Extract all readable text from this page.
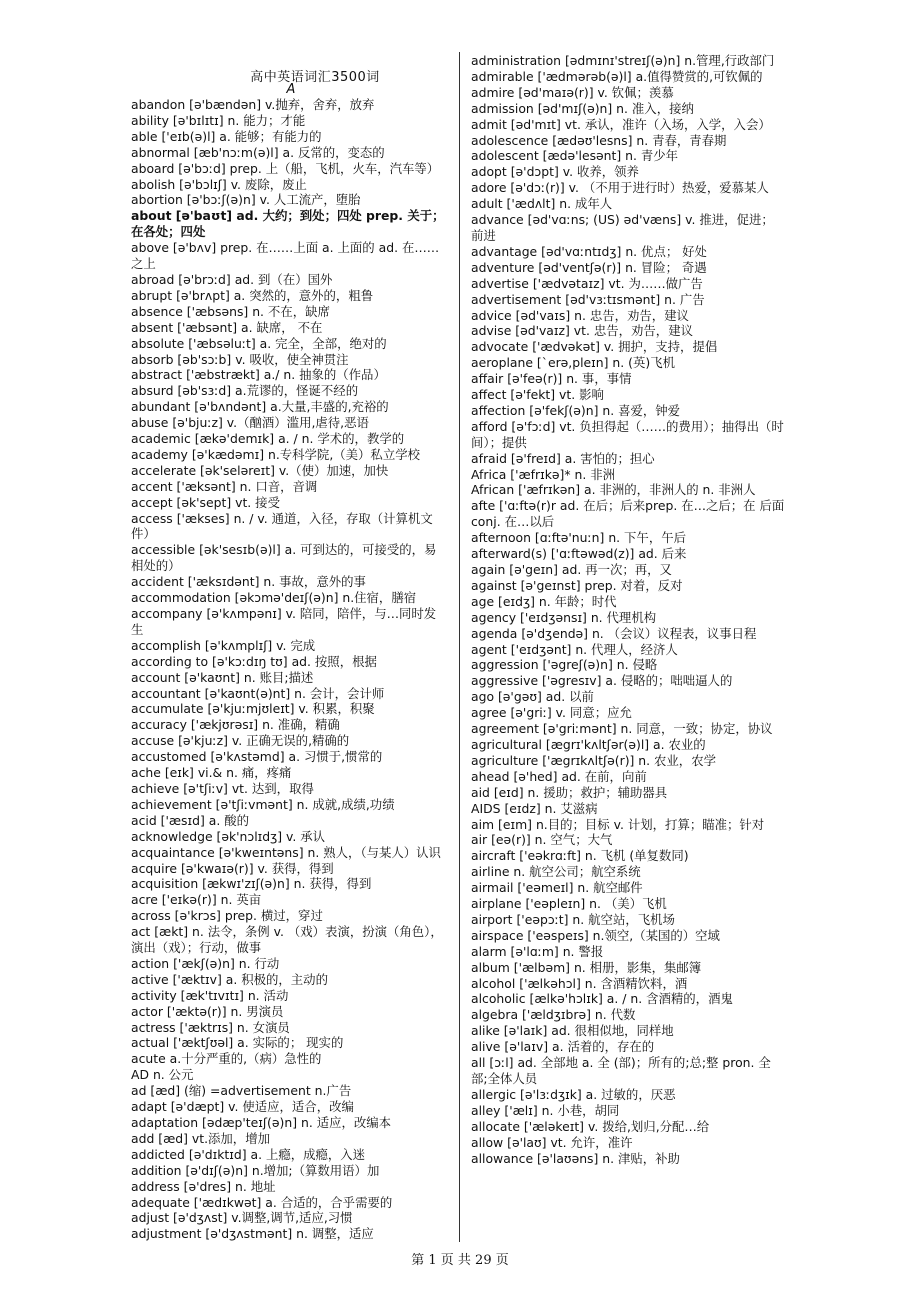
高中英语词汇3500词
A
abandon [ə'bændən] v.抛弃，舍弃，放弃
ability [ə'bɪlɪtɪ] n. 能力；才能
able ['eɪb(ə)l] a. 能够；有能力的
abnormal [æb'nɔːm(ə)l] a. 反常的，变态的
aboard [ə'bɔːd] prep. 上（船，飞机，火车，汽车等）
abolish [ə'bɔlɪʃ] v. 废除，废止
abortion [ə'bɔːʃ(ə)n] v. 人工流产，堕胎
about [ə'baʊt] ad. 大约；到处；四处 prep. 关于；在各处；四处
above [ə'bʌv] prep. 在……上面 a. 上面的 ad. 在……之上
abroad [ə'brɔːd] ad. 到（在）国外
abrupt [ə'brʌpt] a. 突然的，意外的，粗鲁
absence ['æbsəns] n. 不在，缺席
absent ['æbsənt] a. 缺席， 不在
absolute ['æbsəluːt] a. 完全，全部，绝对的
absorb [əb'sɔːb] v. 吸收，使全神贯注
abstract ['æbstrækt] a./ n. 抽象的（作品）
absurd [əb'sɜːd] a.荒谬的，怪诞不经的
abundant [ə'bʌndənt] a.大量,丰盛的,充裕的
abuse [ə'bjuːz] v.（酗酒）滥用,虐待,恶语
academic [ækə'demɪk] a. / n. 学术的，教学的
academy [ə'kædəmɪ] n.专科学院,（美）私立学校
accelerate [ək'seləreɪt] v.（使）加速，加快
accent ['æksənt] n. 口音，音调
accept [ək'sept] vt. 接受
access ['ækses] n. / v. 通道，入径，存取（计算机文件）
accessible [ək'sesɪb(ə)l] a. 可到达的，可接受的，易相处的）
accident ['æksɪdənt] n. 事故，意外的事
accommodation [əkɔmə'deɪʃ(ə)n] n.住宿，膳宿
accompany [ə'kʌmpənɪ] v. 陪同，陪伴，与…同时发生
accomplish [ə'kʌmplɪʃ] v. 完成
according to [ə'kɔːdɪŋ tʊ] ad. 按照，根据
account [ə'kaʊnt] n. 账目;描述
accountant [ə'kaʊnt(ə)nt] n. 会计，会计师
accumulate [ə'kjuːmjʊleɪt] v. 积累，积聚
accuracy ['ækjʊrəsɪ] n. 准确，精确
accuse [ə'kjuːz] v. 正确无误的,精确的
accustomed [ə'kʌstəmd] a. 习惯于,惯常的
ache [eɪk] vi.& n. 痛，疼痛
achieve [ə'tʃiːv] vt. 达到，取得
achievement [ə'tʃiːvmənt] n. 成就,成绩,功绩
acid ['æsɪd] a. 酸的
acknowledge [ək'nɔlɪdʒ] v. 承认
acquaintance [ə'kweɪntəns] n. 熟人，（与某人）认识
acquire [ə'kwaɪə(r)] v. 获得，得到
acquisition [ækwɪ'zɪʃ(ə)n] n. 获得，得到
acre ['eɪkə(r)] n. 英亩
across [ə'krɔs] prep. 横过，穿过
act [ækt] n. 法令，条例 v. （戏）表演，扮演（角色），演出（戏）；行动，做事
action ['ækʃ(ə)n] n. 行动
active ['æktɪv] a. 积极的，主动的
activity [æk'tɪvɪtɪ] n. 活动
actor ['æktə(r)] n. 男演员
actress ['æktrɪs] n. 女演员
actual ['æktʃʊəl] a. 实际的； 现实的
acute a.十分严重的,（病）急性的
AD n. 公元
ad [æd] (缩) =advertisement n.广告
adapt [ə'dæpt] v. 使适应，适合，改编
adaptation [ədæp'teɪʃ(ə)n] n. 适应，改编本
add [æd] vt.添加，增加
addicted [ə'dɪktɪd] a. 上瘾，成瘾，入迷
addition [ə'dɪʃ(ə)n] n.增加;（算数用语）加
address [ə'dres] n. 地址
adequate ['ædɪkwət] a. 合适的，合乎需要的
adjust [ə'dʒʌst] v.调整,调节,适应,习惯
adjustment [ə'dʒʌstmənt] n. 调整，适应
administration [ədmɪnɪ'streɪʃ(ə)n] n.管理,行政部门
admirable ['ædmərəb(ə)l] a.值得赞赏的,可钦佩的
admire [əd'maɪə(r)] v. 钦佩；羡慕
admission [əd'mɪʃ(ə)n] n. 准入，接纳
admit [əd'mɪt] vt. 承认，准许（入场，入学，入会）
adolescence [ædəʊ'lesns] n. 青春，青春期
adolescent [ædə'lesənt] n. 青少年
adopt [ə'dɔpt] v. 收养，领养
adore [ə'dɔː(r)] v. （不用于进行时）热爱，爱慕某人
adult ['ædʌlt] n. 成年人
advance [əd'vɑːns; (US) əd'væns] v. 推进，促进；前进
advantage [əd'vɑːntɪdʒ] n. 优点； 好处
adventure [əd'ventʃə(r)] n. 冒险； 奇遇
advertise ['ædvətaɪz] vt. 为……做广告
advertisement [əd'vɜːtɪsmənt] n. 广告
advice [əd'vaɪs] n. 忠告，劝告，建议
advise [əd'vaɪz] vt. 忠告，劝告，建议
advocate ['ædvəkət] v. 拥护，支持，提倡
aeroplane [`erə,pleɪn] n. (英)飞机
affair [ə'feə(r)] n. 事，事情
affect [ə'fekt] vt. 影响
affection [ə'fekʃ(ə)n] n. 喜爱，钟爱
afford [ə'fɔːd] vt. 负担得起（……的费用）；抽得出（时间）；提供
afraid [ə'freɪd] a. 害怕的；担心
Africa ['æfrɪkə]* n. 非洲
African ['æfrɪkən] a. 非洲的，非洲人的 n. 非洲人
afte ['ɑːftə(r)r ad. 在后；后来prep. 在…之后；在 后面 conj. 在…以后
afternoon [ɑːftə'nuːn] n. 下午，午后
afterward(s) ['ɑːftəwəd(z)] ad. 后来
again [ə'geɪn] ad. 再一次；再，又
against [ə'geɪnst] prep. 对着，反对
age [eɪdʒ] n. 年龄；时代
agency ['eɪdʒənsɪ] n. 代理机构
agenda [ə'dʒendə] n. （会议）议程表，议事日程
agent ['eɪdʒənt] n. 代理人，经济人
aggression ['əgreʃ(ə)n] n. 侵略
aggressive ['əgresɪv] a. 侵略的；咄咄逼人的
ago [ə'gəʊ] ad. 以前
agree [ə'griː] v. 同意；应允
agreement [ə'griːmənt] n. 同意，一致；协定，协议
agricultural [ægrɪ'kʌltʃər(ə)l] a. 农业的
agriculture ['ægrɪkʌltʃə(r)] n. 农业，农学
ahead [ə'hed] ad. 在前，向前
aid [eɪd] n. 援助；救护；辅助器具
AIDS [eɪdz] n. 艾滋病
aim [eɪm] n.目的；目标 v. 计划，打算；瞄准；针对
air [eə(r)] n. 空气；大气
aircraft ['eəkrɑːft] n. 飞机 (单复数同)
airline n. 航空公司；航空系统
airmail ['eəmeɪl] n. 航空邮件
airplane ['eəpleɪn] n. （美）飞机
airport ['eəpɔːt] n. 航空站，飞机场
airspace ['eəspeɪs] n.领空,（某国的）空域
alarm [ə'lɑːm] n. 警报
album ['ælbəm] n. 相册，影集，集邮簿
alcohol ['ælkəhɔl] n. 含酒精饮料，酒
alcoholic [ælkə'hɔlɪk] a. / n. 含酒精的，酒鬼
algebra ['ældʒɪbrə] n. 代数
alike [ə'laɪk] ad. 很相似地，同样地
alive [ə'laɪv] a. 活着的，存在的
all [ɔːl] ad. 全部地 a. 全 (部)；所有的;总;整 pron. 全部;全体人员
allergic [ə'lɜːdʒɪk] a. 过敏的，厌恶
alley ['ælɪ] n. 小巷，胡同
allocate ['æləkeɪt] v. 拨给,划归,分配…给
allow [ə'laʊ] vt. 允许，准许
allowance [ə'laʊəns] n. 津贴，补助
第 1 页 共 29 页
